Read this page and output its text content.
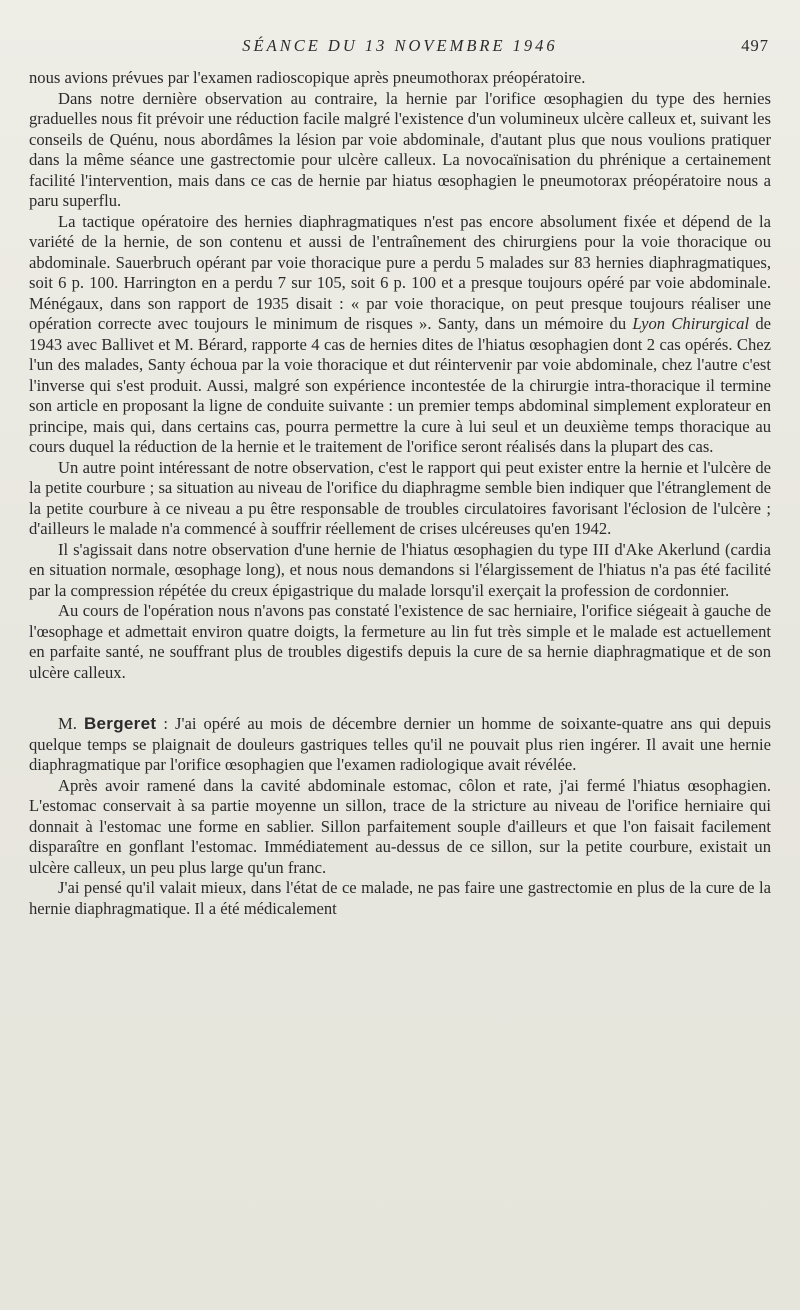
SÉANCE DU 13 NOVEMBRE 1946	497

nous avions prévues par l'examen radioscopique après pneumothorax préopératoire.

Dans notre dernière observation au contraire, la hernie par l'orifice œsophagien du type des hernies graduelles nous fit prévoir une réduction facile malgré l'existence d'un volumineux ulcère calleux et, suivant les conseils de Quénu, nous abordâmes la lésion par voie abdominale, d'autant plus que nous voulions pratiquer dans la même séance une gastrectomie pour ulcère calleux. La novocaïnisation du phrénique a certainement facilité l'intervention, mais dans ce cas de hernie par hiatus œsophagien le pneumotorax préopératoire nous a paru superflu.

La tactique opératoire des hernies diaphragmatiques n'est pas encore absolument fixée et dépend de la variété de la hernie, de son contenu et aussi de l'entraînement des chirurgiens pour la voie thoracique ou abdominale. Sauerbruch opérant par voie thoracique pure a perdu 5 malades sur 83 hernies diaphragmatiques, soit 6 p. 100. Harrington en a perdu 7 sur 105, soit 6 p. 100 et a presque toujours opéré par voie abdominale. Ménégaux, dans son rapport de 1935 disait : « par voie thoracique, on peut presque toujours réaliser une opération correcte avec toujours le minimum de risques ». Santy, dans un mémoire du Lyon Chirurgical de 1943 avec Ballivet et M. Bérard, rapporte 4 cas de hernies dites de l'hiatus œsophagien dont 2 cas opérés. Chez l'un des malades, Santy échoua par la voie thoracique et dut réintervenir par voie abdominale, chez l'autre c'est l'inverse qui s'est produit. Aussi, malgré son expérience incontestée de la chirurgie intra-thoracique il termine son article en proposant la ligne de conduite suivante : un premier temps abdominal simplement explorateur en principe, mais qui, dans certains cas, pourra permettre la cure à lui seul et un deuxième temps thoracique au cours duquel la réduction de la hernie et le traitement de l'orifice seront réalisés dans la plupart des cas.

Un autre point intéressant de notre observation, c'est le rapport qui peut exister entre la hernie et l'ulcère de la petite courbure ; sa situation au niveau de l'orifice du diaphragme semble bien indiquer que l'étranglement de la petite courbure à ce niveau a pu être responsable de troubles circulatoires favorisant l'éclosion de l'ulcère ; d'ailleurs le malade n'a commencé à souffrir réellement de crises ulcéreuses qu'en 1942.

Il s'agissait dans notre observation d'une hernie de l'hiatus œsophagien du type III d'Ake Akerlund (cardia en situation normale, œsophage long), et nous nous demandons si l'élargissement de l'hiatus n'a pas été facilité par la compression répétée du creux épigastrique du malade lorsqu'il exerçait la profession de cordonnier.

Au cours de l'opération nous n'avons pas constaté l'existence de sac herniaire, l'orifice siégeait à gauche de l'œsophage et admettait environ quatre doigts, la fermeture au lin fut très simple et le malade est actuellement en parfaite santé, ne souffrant plus de troubles digestifs depuis la cure de sa hernie diaphragmatique et de son ulcère calleux.

M. Bergeret : J'ai opéré au mois de décembre dernier un homme de soixante-quatre ans qui depuis quelque temps se plaignait de douleurs gastriques telles qu'il ne pouvait plus rien ingérer. Il avait une hernie diaphragmatique par l'orifice œsophagien que l'examen radiologique avait révélée.

Après avoir ramené dans la cavité abdominale estomac, côlon et rate, j'ai fermé l'hiatus œsophagien. L'estomac conservait à sa partie moyenne un sillon, trace de la stricture au niveau de l'orifice herniaire qui donnait à l'estomac une forme en sablier. Sillon parfaitement souple d'ailleurs et que l'on faisait facilement disparaître en gonflant l'estomac. Immédiatement au-dessus de ce sillon, sur la petite courbure, existait un ulcère calleux, un peu plus large qu'un franc.

J'ai pensé qu'il valait mieux, dans l'état de ce malade, ne pas faire une gastrectomie en plus de la cure de la hernie diaphragmatique. Il a été médicalement
